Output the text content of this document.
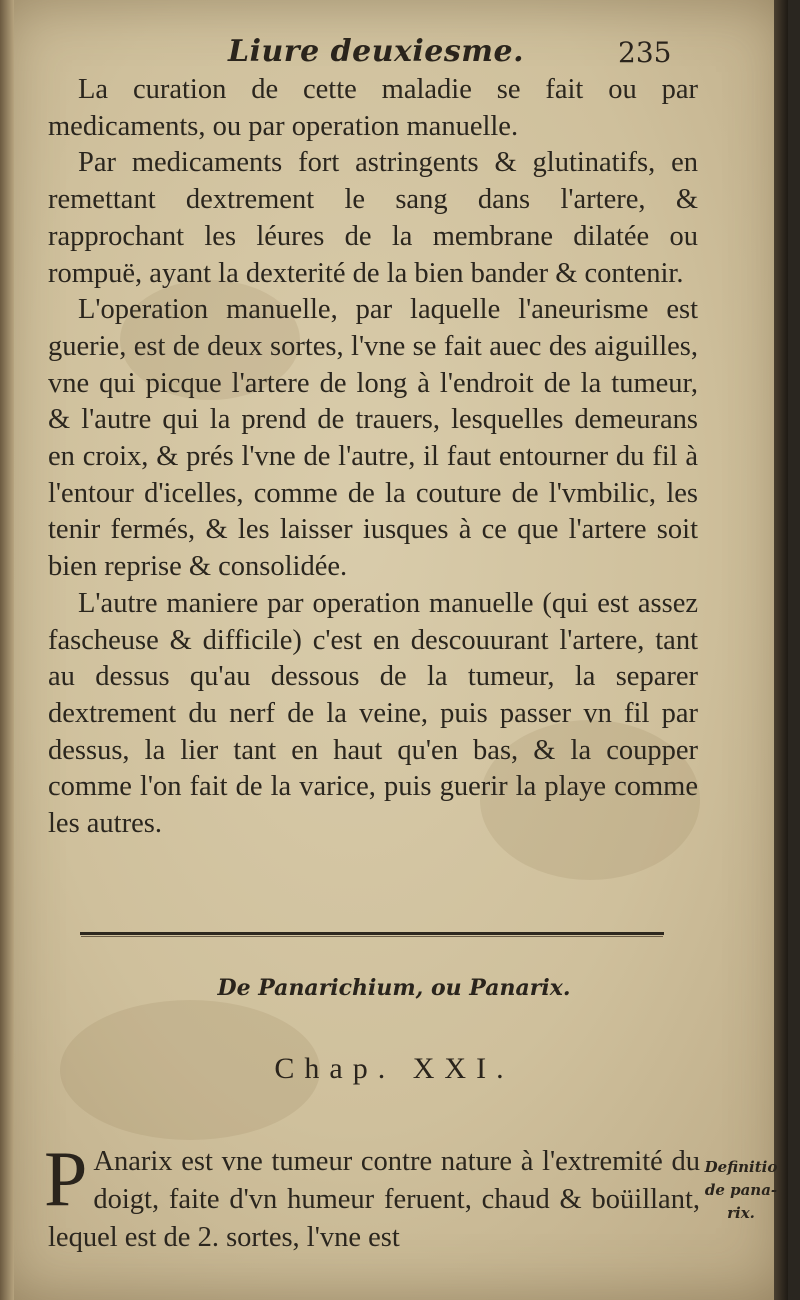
Liure deuxiesme.	235

La curation de cette maladie se fait ou par medicaments, ou par operation manuelle.

Par medicaments fort astringents & glutinatifs, en remettant dextrement le sang dans l'artere, & rapprochant les léures de la membrane dilatée ou rompuë, ayant la dexterité de la bien bander & contenir.

L'operation manuelle, par laquelle l'aneurisme est guerie, est de deux sortes, l'vne se fait auec des aiguilles, vne qui picque l'artere de long à l'endroit de la tumeur, & l'autre qui la prend de trauers, lesquelles demeurans en croix, & prés l'vne de l'autre, il faut entourner du fil à l'entour d'icelles, comme de la couture de l'vmbilic, les tenir fermés, & les laisser iusques à ce que l'artere soit bien reprise & consolidée.

L'autre maniere par operation manuelle (qui est assez fascheuse & difficile) c'est en descouurant l'artere, tant au dessus qu'au dessous de la tumeur, la separer dextrement du nerf de la veine, puis passer vn fil par dessus, la lier tant en haut qu'en bas, & la coupper comme l'on fait de la varice, puis guerir la playe comme les autres.

De Panarichium, ou Panarix.
Chap. XXI.
P Anarix est vne tumeur contre nature à l'extremité du doigt, faite d'vn humeur feruent, chaud & boüillant, lequel est de 2. sortes, l'vne est
Definitio
de pana-
rix.
